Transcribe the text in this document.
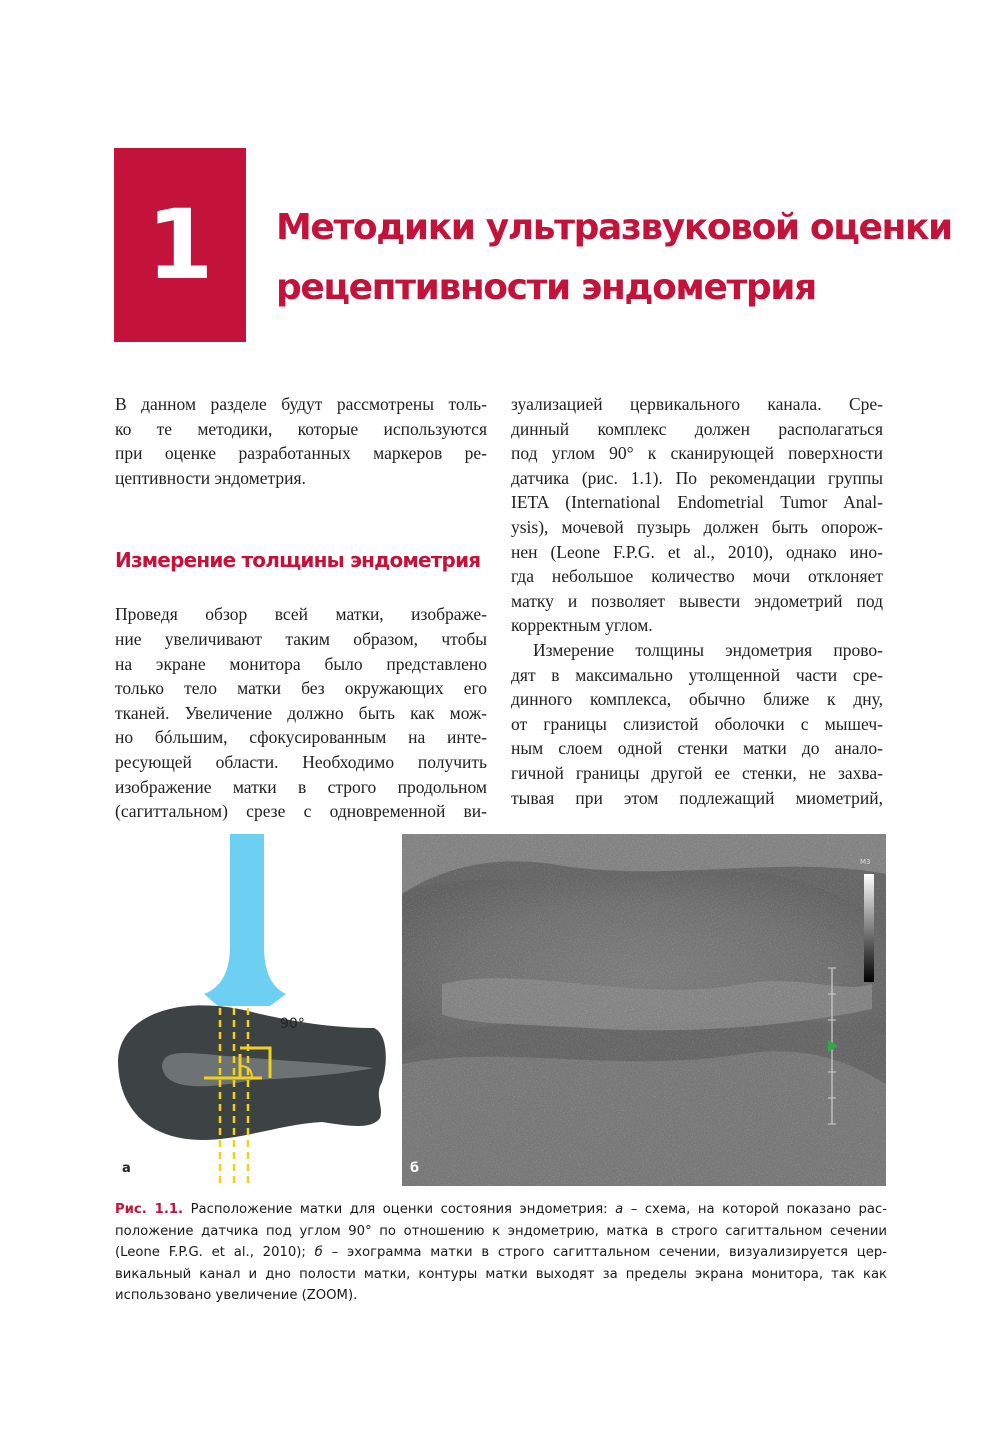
1 Методики ультразвуковой оценки
рецептивности эндометрия
В данном разделе будут рассмотрены толь-
ко те методики, которые используются
при оценке разработанных маркеров ре-
цептивности эндометрия.
Измерение толщины эндометрия
Проведя обзор всей матки, изображе-
ние увеличивают таким образом, чтобы
на экране монитора было представлено
только тело матки без окружающих его
тканей. Увеличение должно быть как мож-
но бóльшим, сфокусированным на инте-
ресующей области. Необходимо получить
изображение матки в строго продольном
(сагиттальном) срезе с одновременной ви-
зуализацией цервикального канала. Сре-
динный комплекс должен располагаться
под углом 90° к сканирующей поверхности
датчика (рис. 1.1). По рекомендации группы
IETA (International Endometrial Tumor Anal-
ysis), мочевой пузырь должен быть опорож-
нен (Leone F.P.G. et al., 2010), однако ино-
гда небольшое количество мочи отклоняет
матку и позволяет вывести эндометрий под
корректным углом.
Измерение толщины эндометрия прово-
дят в максимально утолщенной части сре-
динного комплекса, обычно ближе к дну,
от границы слизистой оболочки с мышеч-
ным слоем одной стенки матки до анало-
гичной границы другой ее стенки, не захва-
тывая при этом подлежащий миометрий,
90°
а
M3
б
Рис. 1.1. Расположение матки для оценки состояния эндометрия: а – схема, на которой показано рас-
положение датчика под углом 90° по отношению к эндометрию, матка в строго сагиттальном сечении
(Leone F.P.G. et al., 2010); б – эхограмма матки в строго сагиттальном сечении, визуализируется цер-
викальный канал и дно полости матки, контуры матки выходят за пределы экрана монитора, так как
использовано увеличение (ZOOM).
